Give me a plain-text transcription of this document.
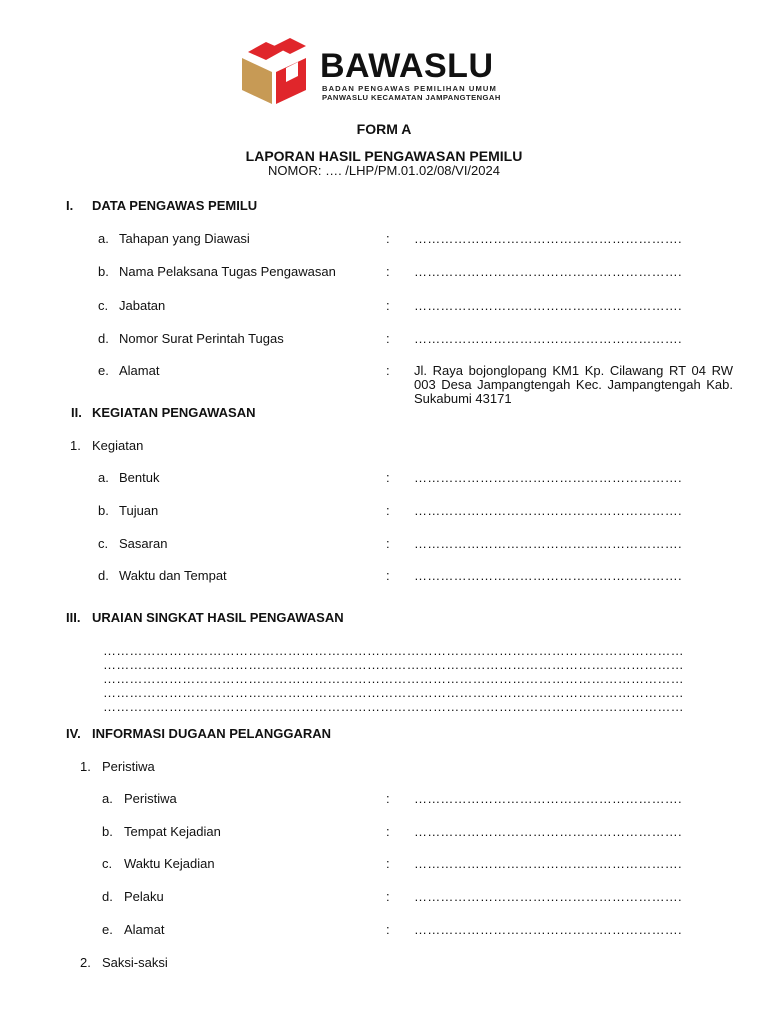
BAWASLU
BADAN PENGAWAS PEMILIHAN UMUM
PANWASLU KECAMATAN JAMPANGTENGAH
FORM A
LAPORAN HASIL PENGAWASAN PEMILU
NOMOR: …. /LHP/PM.01.02/08/VI/2024
I. DATA PENGAWAS PEMILU
a. Tahapan yang Diawasi	: …………………………………………………….
b. Nama Pelaksana Tugas Pengawasan	: …………………………………………………….
c. Jabatan	: …………………………………………………….
d. Nomor Surat Perintah Tugas	: …………………………………………………….
e. Alamat	: Jl. Raya bojonglopang KM1 Kp. Cilawang RT 04 RW 003 Desa Jampangtengah Kec. Jampangtengah Kab. Sukabumi 43171
II. KEGIATAN PENGAWASAN
1. Kegiatan
a. Bentuk	: …………………………………………………….
b. Tujuan	: …………………………………………………….
c. Sasaran	: …………………………………………………….
d. Waktu dan Tempat	: …………………………………………………….
III. URAIAN SINGKAT HASIL PENGAWASAN
……………………………………………………………………………………………………………………
……………………………………………………………………………………………………………………
……………………………………………………………………………………………………………………
……………………………………………………………………………………………………………………
……………………………………………………………………………………………………………………
IV. INFORMASI DUGAAN PELANGGARAN
1. Peristiwa
a. Peristiwa	: …………………………………………………….
b. Tempat Kejadian	: …………………………………………………….
c. Waktu Kejadian	: …………………………………………………….
d. Pelaku	: …………………………………………………….
e. Alamat	: …………………………………………………….
2. Saksi-saksi
